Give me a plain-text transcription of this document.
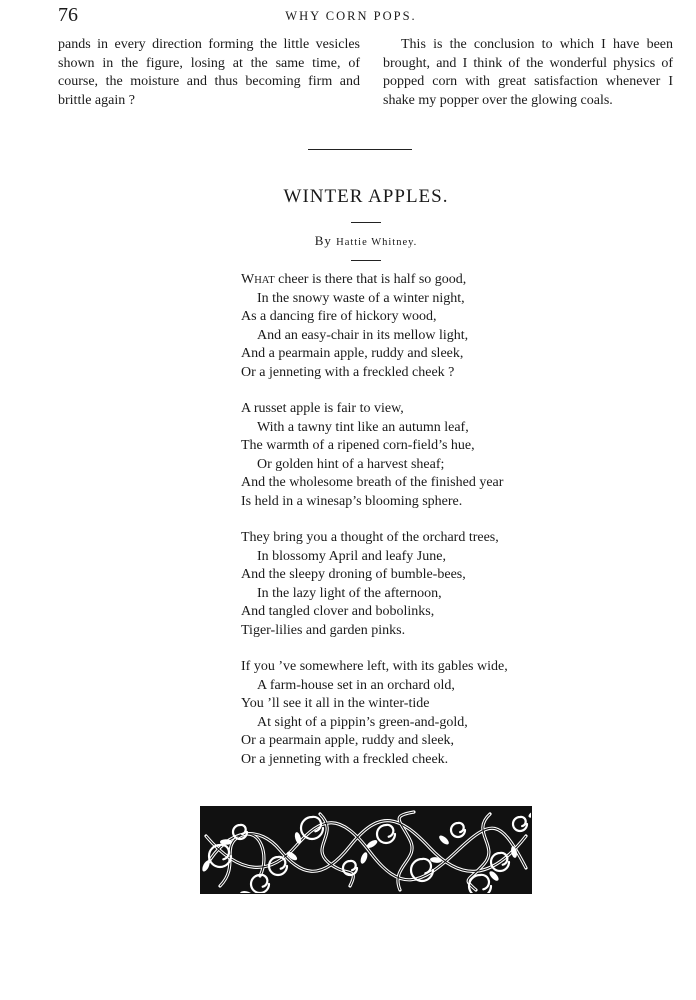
76	WHY CORN POPS.

pands in every direction forming the little vesicles shown in the figure, losing at the same time, of course, the moisture and thus becoming firm and brittle again ?

This is the conclusion to which I have been brought, and I think of the wonderful physics of popped corn with great satisfaction whenever I shake my popper over the glowing coals.

WINTER APPLES.
By Hattie Whitney.
WHAT cheer is there that is half so good,
In the snowy waste of a winter night,
As a dancing fire of hickory wood,
And an easy-chair in its mellow light,
And a pearmain apple, ruddy and sleek,
Or a jenneting with a freckled cheek ?
A russet apple is fair to view,
With a tawny tint like an autumn leaf,
The warmth of a ripened corn-field’s hue,
Or golden hint of a harvest sheaf;
And the wholesome breath of the finished year
Is held in a winesap’s blooming sphere.
They bring you a thought of the orchard trees,
In blossomy April and leafy June,
And the sleepy droning of bumble-bees,
In the lazy light of the afternoon,
And tangled clover and bobolinks,
Tiger-lilies and garden pinks.
If you ’ve somewhere left, with its gables wide,
A farm-house set in an orchard old,
You ’ll see it all in the winter-tide
At sight of a pippin’s green-and-gold,
Or a pearmain apple, ruddy and sleek,
Or a jenneting with a freckled cheek.
